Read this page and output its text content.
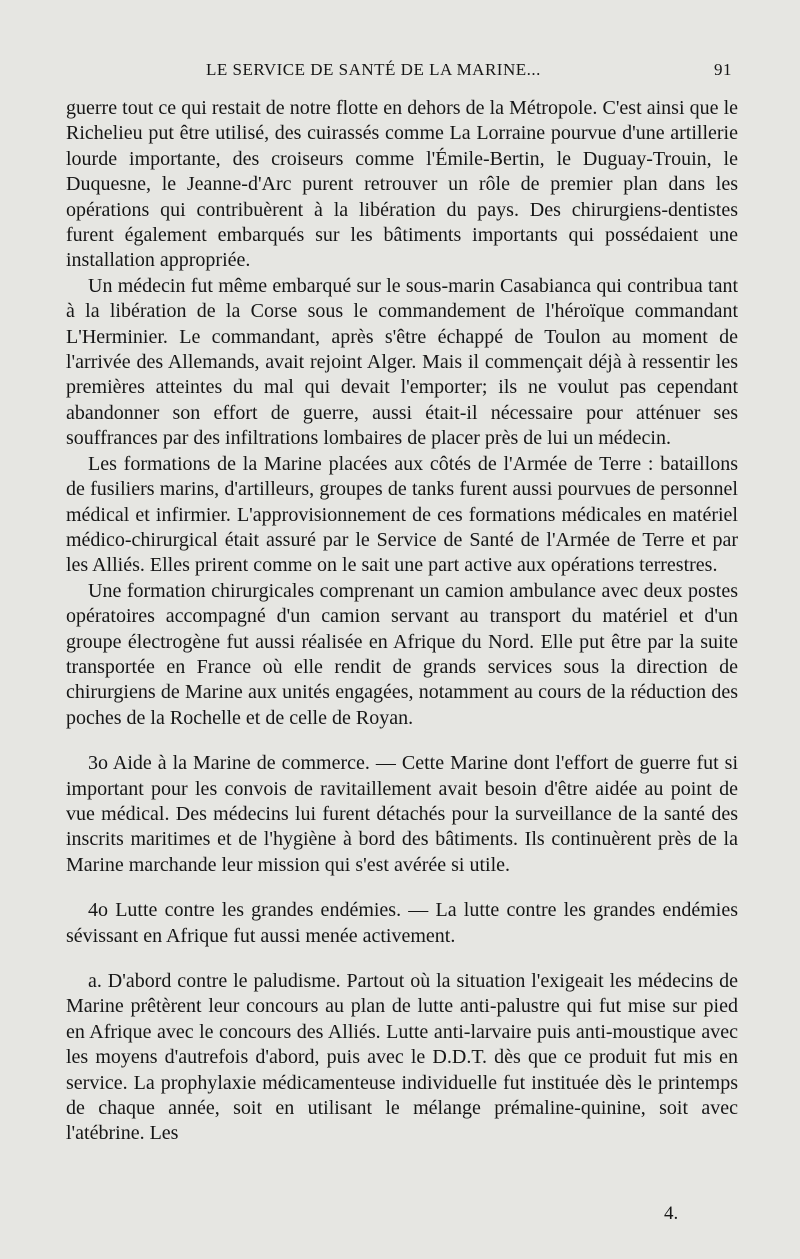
LE SERVICE DE SANTÉ DE LA MARINE...	91

guerre tout ce qui restait de notre flotte en dehors de la Métropole. C'est ainsi que le Richelieu put être utilisé, des cuirassés comme La Lorraine pourvue d'une artillerie lourde importante, des croiseurs comme l'Émile-Bertin, le Duguay-Trouin, le Duquesne, le Jeanne-d'Arc purent retrouver un rôle de premier plan dans les opérations qui contribuèrent à la libération du pays. Des chirurgiens-dentistes furent également embarqués sur les bâtiments importants qui possédaient une installation appropriée.

Un médecin fut même embarqué sur le sous-marin Casabianca qui contribua tant à la libération de la Corse sous le commandement de l'héroïque commandant L'Herminier. Le commandant, après s'être échappé de Toulon au moment de l'arrivée des Allemands, avait rejoint Alger. Mais il commençait déjà à ressentir les premières atteintes du mal qui devait l'emporter; ils ne voulut pas cependant abandonner son effort de guerre, aussi était-il nécessaire pour atténuer ses souffrances par des infiltrations lombaires de placer près de lui un médecin.

Les formations de la Marine placées aux côtés de l'Armée de Terre : bataillons de fusiliers marins, d'artilleurs, groupes de tanks furent aussi pourvues de personnel médical et infirmier. L'approvisionnement de ces formations médicales en matériel médico-chirurgical était assuré par le Service de Santé de l'Armée de Terre et par les Alliés. Elles prirent comme on le sait une part active aux opérations terrestres.

Une formation chirurgicales comprenant un camion ambulance avec deux postes opératoires accompagné d'un camion servant au transport du matériel et d'un groupe électrogène fut aussi réalisée en Afrique du Nord. Elle put être par la suite transportée en France où elle rendit de grands services sous la direction de chirurgiens de Marine aux unités engagées, notamment au cours de la réduction des poches de la Rochelle et de celle de Royan.

3o Aide à la Marine de commerce. — Cette Marine dont l'effort de guerre fut si important pour les convois de ravitaillement avait besoin d'être aidée au point de vue médical. Des médecins lui furent détachés pour la surveillance de la santé des inscrits maritimes et de l'hygiène à bord des bâtiments. Ils continuèrent près de la Marine marchande leur mission qui s'est avérée si utile.

4o Lutte contre les grandes endémies. — La lutte contre les grandes endémies sévissant en Afrique fut aussi menée activement.

a. D'abord contre le paludisme. Partout où la situation l'exigeait les médecins de Marine prêtèrent leur concours au plan de lutte anti-palustre qui fut mise sur pied en Afrique avec le concours des Alliés. Lutte anti-larvaire puis anti-moustique avec les moyens d'autrefois d'abord, puis avec le D.D.T. dès que ce produit fut mis en service. La prophylaxie médicamenteuse individuelle fut instituée dès le printemps de chaque année, soit en utilisant le mélange prémaline-quinine, soit avec l'atébrine. Les

4.
